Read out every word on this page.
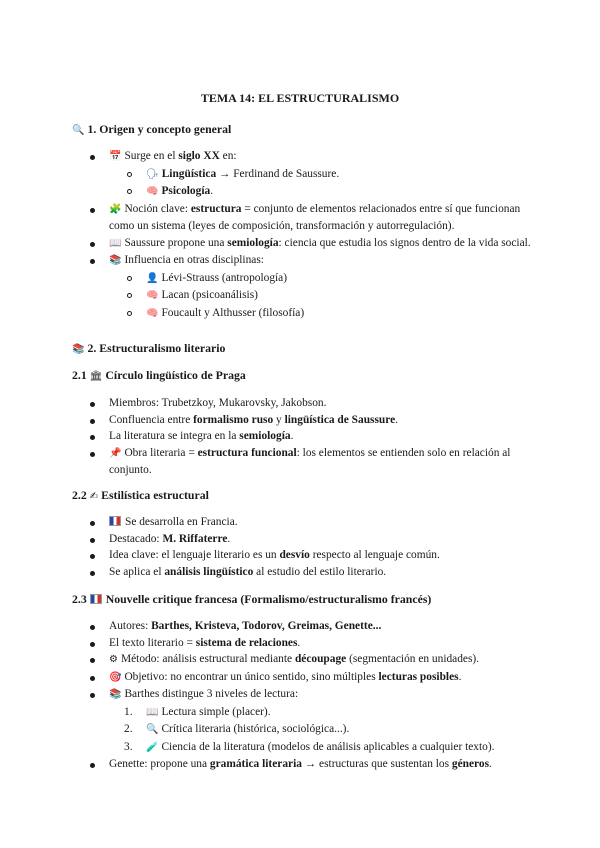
TEMA 14: EL ESTRUCTURALISMO
🔍 1. Origen y concepto general
📅 Surge en el siglo XX en:
🗣 Lingüística → Ferdinand de Saussure.
🧠 Psicología.
🧩 Noción clave: estructura = conjunto de elementos relacionados entre sí que funcionan como un sistema (leyes de composición, transformación y autorregulación).
📖 Saussure propone una semiología: ciencia que estudia los signos dentro de la vida social.
📚 Influencia en otras disciplinas:
👤 Lévi-Strauss (antropología)
🧠 Lacan (psicoanálisis)
🧠 Foucault y Althusser (filosofía)
📚 2. Estructuralismo literario
2.1 🏛 Círculo lingüístico de Praga
Miembros: Trubetzkoy, Mukarovsky, Jakobson.
Confluencia entre formalismo ruso y lingüística de Saussure.
La literatura se integra en la semiología.
📌 Obra literaria = estructura funcional: los elementos se entienden solo en relación al conjunto.
2.2 ✍ Estilística estructural
Se desarrolla en Francia.
Destacado: M. Riffaterre.
Idea clave: el lenguaje literario es un desvío respecto al lenguaje común.
Se aplica el análisis lingüístico al estudio del estilo literario.
2.3 Nouvelle critique francesa (Formalismo/estructuralismo francés)
Autores: Barthes, Kristeva, Todorov, Greimas, Genette...
El texto literario = sistema de relaciones.
⚙ Método: análisis estructural mediante découpage (segmentación en unidades).
🎯 Objetivo: no encontrar un único sentido, sino múltiples lecturas posibles.
📚 Barthes distingue 3 niveles de lectura:
1. 📖 Lectura simple (placer).
2. 🔍 Crítica literaria (histórica, sociológica...).
3. 🧪 Ciencia de la literatura (modelos de análisis aplicables a cualquier texto).
Genette: propone una gramática literaria → estructuras que sustentan los géneros.
